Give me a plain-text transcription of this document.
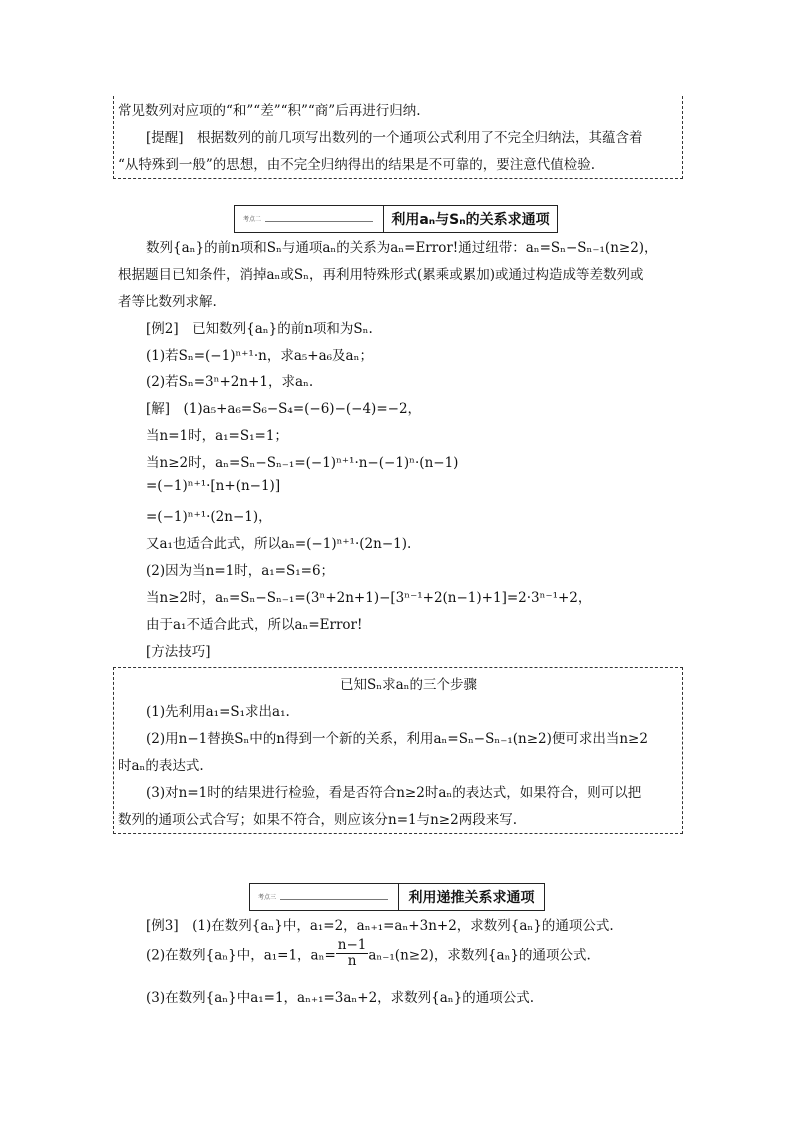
常见数列对应项的“和”“差”“积”“商”后再进行归纳.
[提醒]　根据数列的前几项写出数列的一个通项公式利用了不完全归纳法，其蕴含着
“从特殊到一般”的思想，由不完全归纳得出的结果是不可靠的，要注意代值检验.
考点二	利用aₙ与Sₙ的关系求通项
数列{aₙ}的前n项和Sₙ与通项aₙ的关系为aₙ=Error!通过纽带：aₙ=Sₙ−Sₙ₋₁(n≥2)，
根据题目已知条件，消掉aₙ或Sₙ，再利用特殊形式(累乘或累加)或通过构造成等差数列或
者等比数列求解.
[例2]　已知数列{aₙ}的前n项和为Sₙ.
(1)若Sₙ=(−1)ⁿ⁺¹·n，求a₅+a₆及aₙ；
(2)若Sₙ=3ⁿ+2n+1，求aₙ.
[解]　(1)a₅+a₆=S₆−S₄=(−6)−(−4)=−2，
当n=1时，a₁=S₁=1；
当n≥2时，aₙ=Sₙ−Sₙ₋₁=(−1)ⁿ⁺¹·n−(−1)ⁿ·(n−1)
=(−1)ⁿ⁺¹·[n+(n−1)]
=(−1)ⁿ⁺¹·(2n−1)，
又a₁也适合此式，所以aₙ=(−1)ⁿ⁺¹·(2n−1).
(2)因为当n=1时，a₁=S₁=6；
当n≥2时，aₙ=Sₙ−Sₙ₋₁=(3ⁿ+2n+1)−[3ⁿ⁻¹+2(n−1)+1]=2·3ⁿ⁻¹+2，
由于a₁不适合此式，所以aₙ=Error!
[方法技巧]
已知Sₙ求aₙ的三个步骤
(1)先利用a₁=S₁求出a₁.
(2)用n−1替换Sₙ中的n得到一个新的关系，利用aₙ=Sₙ−Sₙ₋₁(n≥2)便可求出当n≥2
时aₙ的表达式.
(3)对n=1时的结果进行检验，看是否符合n≥2时aₙ的表达式，如果符合，则可以把
数列的通项公式合写；如果不符合，则应该分n=1与n≥2两段来写.
考点三	利用递推关系求通项
[例3]　(1)在数列{aₙ}中，a₁=2，aₙ₊₁=aₙ+3n+2，求数列{aₙ}的通项公式.
(2)在数列{aₙ}中，a₁=1，$a_n= \frac{n-1}{n} a_{n-1}(n\ge 2)$，求数列{aₙ}的通项公式.
(3)在数列{aₙ}中a₁=1，aₙ₊₁=3aₙ+2，求数列{aₙ}的通项公式.
